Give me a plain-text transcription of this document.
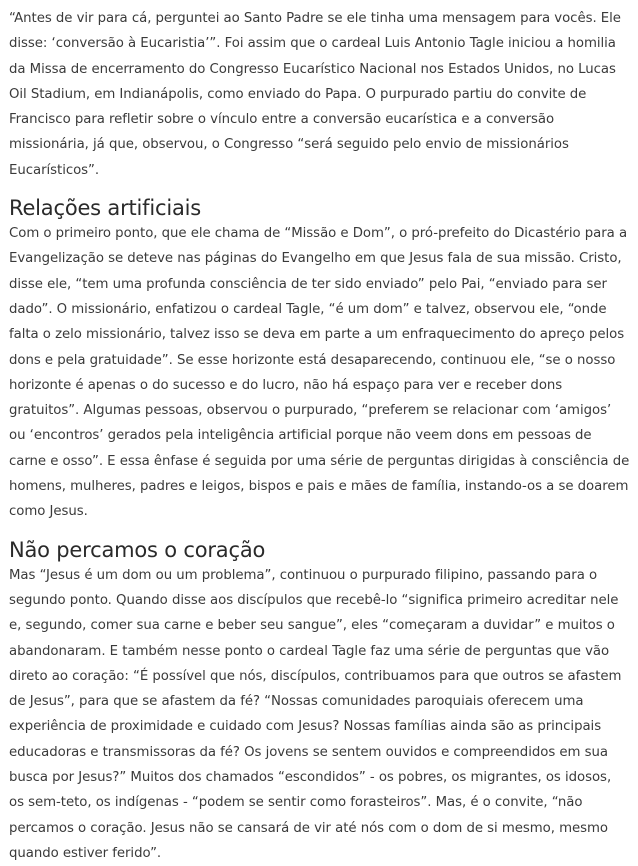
“Antes de vir para cá, perguntei ao Santo Padre se ele tinha uma mensagem para vocês. Ele disse: ‘conversão à Eucaristia’”. Foi assim que o cardeal Luis Antonio Tagle iniciou a homilia da Missa de encerramento do Congresso Eucarístico Nacional nos Estados Unidos, no Lucas Oil Stadium, em Indianápolis, como enviado do Papa. O purpurado partiu do convite de Francisco para refletir sobre o vínculo entre a conversão eucarística e a conversão missionária, já que, observou, o Congresso “será seguido pelo envio de missionários Eucarísticos”.

Relações artificiais

Com o primeiro ponto, que ele chama de “Missão e Dom”, o pró-prefeito do Dicastério para a Evangelização se deteve nas páginas do Evangelho em que Jesus fala de sua missão. Cristo, disse ele, “tem uma profunda consciência de ter sido enviado” pelo Pai, “enviado para ser dado”. O missionário, enfatizou o cardeal Tagle, “é um dom” e talvez, observou ele, “onde falta o zelo missionário, talvez isso se deva em parte a um enfraquecimento do apreço pelos dons e pela gratuidade”. Se esse horizonte está desaparecendo, continuou ele, “se o nosso horizonte é apenas o do sucesso e do lucro, não há espaço para ver e receber dons gratuitos”. Algumas pessoas, observou o purpurado, “preferem se relacionar com ‘amigos’ ou ‘encontros’ gerados pela inteligência artificial porque não veem dons em pessoas de carne e osso”. E essa ênfase é seguida por uma série de perguntas dirigidas à consciência de homens, mulheres, padres e leigos, bispos e pais e mães de família, instando-os a se doarem como Jesus.

Não percamos o coração

Mas “Jesus é um dom ou um problema”, continuou o purpurado filipino, passando para o segundo ponto. Quando disse aos discípulos que recebê-lo “significa primeiro acreditar nele e, segundo, comer sua carne e beber seu sangue”, eles “começaram a duvidar” e muitos o abandonaram. E também nesse ponto o cardeal Tagle faz uma série de perguntas que vão direto ao coração: “É possível que nós, discípulos, contribuamos para que outros se afastem de Jesus”, para que se afastem da fé? “Nossas comunidades paroquiais oferecem uma experiência de proximidade e cuidado com Jesus? Nossas famílias ainda são as principais educadoras e transmissoras da fé? Os jovens se sentem ouvidos e compreendidos em sua busca por Jesus?” Muitos dos chamados “escondidos” - os pobres, os migrantes, os idosos, os sem-teto, os indígenas - “podem se sentir como forasteiros”. Mas, é o convite, “não percamos o coração. Jesus não se cansará de vir até nós com o dom de si mesmo, mesmo quando estiver ferido”.
